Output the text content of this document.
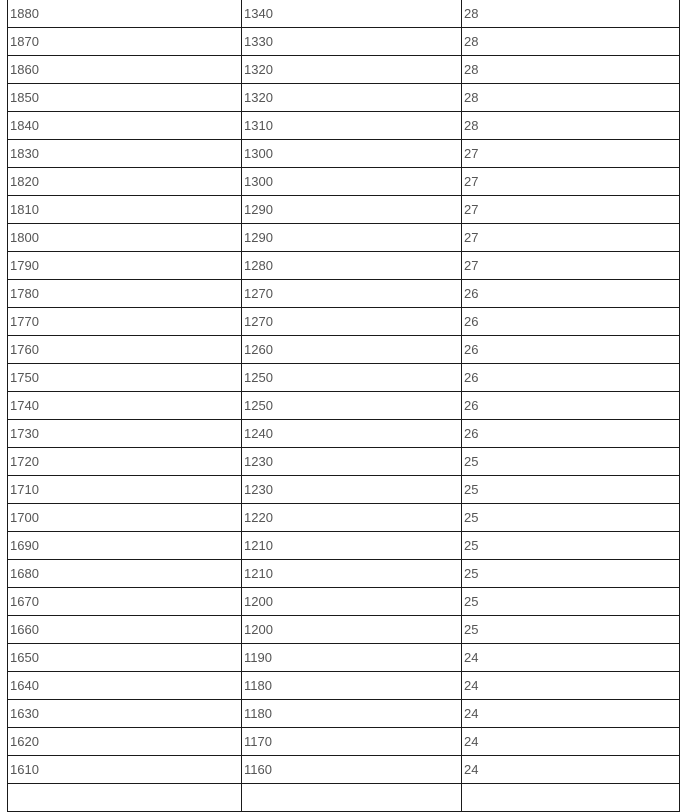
1880	1340	28
1870	1330	28
1860	1320	28
1850	1320	28
1840	1310	28
1830	1300	27
1820	1300	27
1810	1290	27
1800	1290	27
1790	1280	27
1780	1270	26
1770	1270	26
1760	1260	26
1750	1250	26
1740	1250	26
1730	1240	26
1720	1230	25
1710	1230	25
1700	1220	25
1690	1210	25
1680	1210	25
1670	1200	25
1660	1200	25
1650	1190	24
1640	1180	24
1630	1180	24
1620	1170	24
1610	1160	24
